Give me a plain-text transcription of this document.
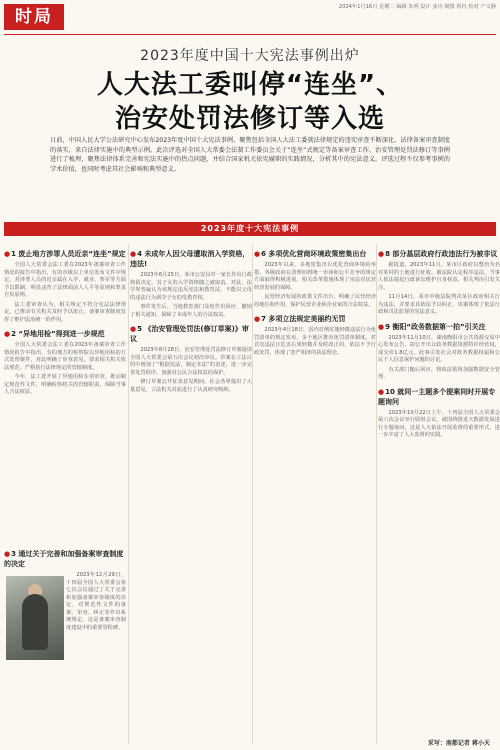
时局	2024年1月16日 星期二 编辑 朱明 设计 姜诗 制图 祝钰 校对 产文静
2023年度中国十大宪法事例出炉
人大法工委叫停“连坐”、
治安处罚法修订等入选
日前，中国人民大学公法研究中心发布2023年度中国十大宪法事例，聚焦包括全国人大法工委就法律规定的违宪审查不断深化、法律备案审查制度的落实，来自法律实施中的典型示例。此次评选对全国人大常委会法制工作委员会关于“连坐”式规定等备案审查工作、治安管理处罚法修订等事例进行了梳理，聚焦法律体系完善和宪法实施中的热点问题，并结合国家机关依宪履职的实践情况，分析其中的宪法意义。评选过程不仅参考事例的学术价值，也同时考虑其社会影响和典型意义。
2023年度十大宪法事例
●1 废止地方涉罪人员近亲“连坐”规定
全国人大常委会法工委在2023年备案审查工作情况的报告中指出，有的市级以上单位发布文件中规定，对涉罪人员的近亲属在入学、就业、参军等方面予以限制，明显违背了法律面前人人平等原则和罪责自负原则。
法工委审查认为，相关规定不符合宪法法律规定，已推动有关机关及时予以废止，备案审查制度发挥了维护法治统一的作用。
●2 “异地用检”得到进一步规范
全国人大常委会法工委在2023年备案审查工作情况报告中指出，有的地方的检察院以异地用检的方式处理案件，对此明确了审查意见，要求相关机关依法规范，严格执行法律规定的管辖制度。
今年，法工委开展了异地用检专项审查，推动制定规范性文件，明确检察机关的管辖职责，保障当事人合法权益。
●3 通过关于完善和加强备案审查制度的决定
2023年12月29日，十四届全国人大常委会第七次会议通过了关于完善和加强备案审查制度的决定，对规范性文件的备案、审查、纠正等作出系统规定，这是备案审查制度建设中的重要里程碑。
●4 未成年人因父母遭取消入学资格，违法!
2023年6月25日，某市公安局对一家长作出行政拘留决定，其子女的入学资格随之被取消。对此，法学界普遍认为该规定违反宪法和教育法，不能以父母的违法行为剥夺子女的受教育权。
事件发生后，当地教育部门及时作出回应，撤销了相关通知，保障了未成年人的合法权益。
●5 《治安管理处罚法(修订草案)》审议
2023年8月28日，治安管理处罚法修订草案提请全国人大常委会第五次会议初次审议。草案在立法目的中增加了“根据宪法，制定本法”的表述，进一步完善处罚程序，加强对公民合法权益的保护。
修订草案公开征求意见期间，社会各界提出了大量意见，立法机关对此进行了认真研究吸纳。
●6 多项优化营商环境政策密集出台
2023年以来，多地密集出台优化营商环境的举措，各级政府在清理妨碍统一市场和公平竞争的规定方面取得积极进展，相关改革措施体现了宪法对民营经济发展的保障。
民营经济发展的政策文件出台，明确了民营经济的地位和作用，保护民营企业和企业家的合法权益。
●7 多项立法规定美丽约无罚
2023年4月18日，国内首例实施轻微违法行为免罚清单的规定发布，多个地区推出免罚清单制度，对首次违法且危害后果轻微并及时改正的，依法不予行政处罚，体现了宽严相济的执法理念。
●8 部分基层政府行政违法行为被非议
据报道，2023年11月，某市区政府以整治为名对某村的土地进行征收，被法院认定程序违法，当事人依法提起行政诉讼维护自身权益，相关判决引发关注。
11月14日，某市中级法院判决某区政府相关行为违法，并要求其依法予以纠正，该案体现了依法行政和司法监督的宪法意义。
●9 衡阳“政务数据第一拍”引关注
2023年11月10日，湖南衡阳市公共资源交易中心发布公告，拟公开出让政务数据资源特许经营权，成交价1.8亿元。此事引发社会对政务数据权属和公民个人信息保护问题的讨论。
有关部门随后回应，将依法依规加强数据安全管理。
●10 就同一主题多个提案同时开展专题询问
2023年10月22日上午，十四届全国人大常委会第六次会议举行联组会议，就围绕推进大数据发展进行专题询问，这是人大依法开展监督的重要形式，进一步丰富了人大监督的实践。
采写：南都记者 蒋小天
